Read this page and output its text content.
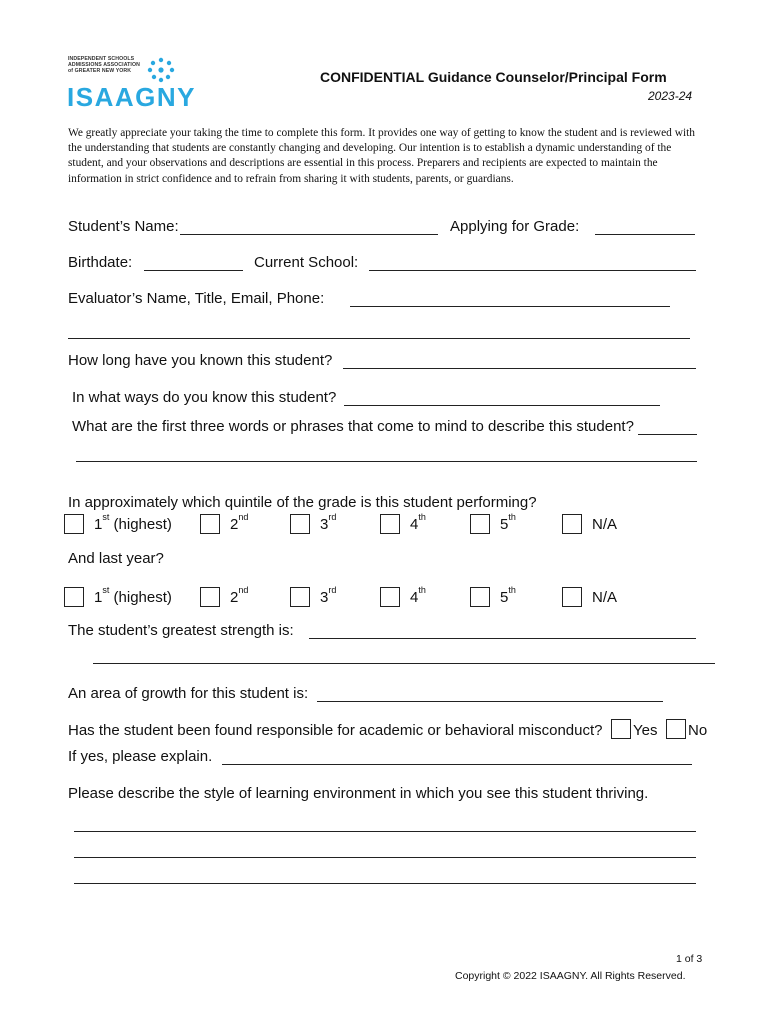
INDEPENDENT SCHOOLS
ADMISSIONS ASSOCIATION
of GREATER NEW YORK
ISAAGNY
CONFIDENTIAL Guidance Counselor/Principal Form
2023-24
We greatly appreciate your taking the time to complete this form. It provides one way of getting to know the student and is reviewed with the understanding that students are constantly changing and developing. Our intention is to establish a dynamic understanding of the student, and your observations and descriptions are essential in this process. Preparers and recipients are expected to maintain the information in strict confidence and to refrain from sharing it with students, parents, or guardians.
Student’s Name:	Applying for Grade:
Birthdate:	Current School:
Evaluator’s Name, Title, Email, Phone:
How long have you known this student?
In what ways do you know this student?
What are the first three words or phrases that come to mind to describe this student?
In approximately which quintile of the grade is this student performing?
1st (highest)	2nd	3rd	4th	5th	N/A
And last year?
1st (highest)	2nd	3rd	4th	5th	N/A
The student’s greatest strength is:
An area of growth for this student is:
Has the student been found responsible for academic or behavioral misconduct? Yes No
If yes, please explain.
Please describe the style of learning environment in which you see this student thriving.
1 of 3
Copyright © 2022 ISAAGNY. All Rights Reserved.
